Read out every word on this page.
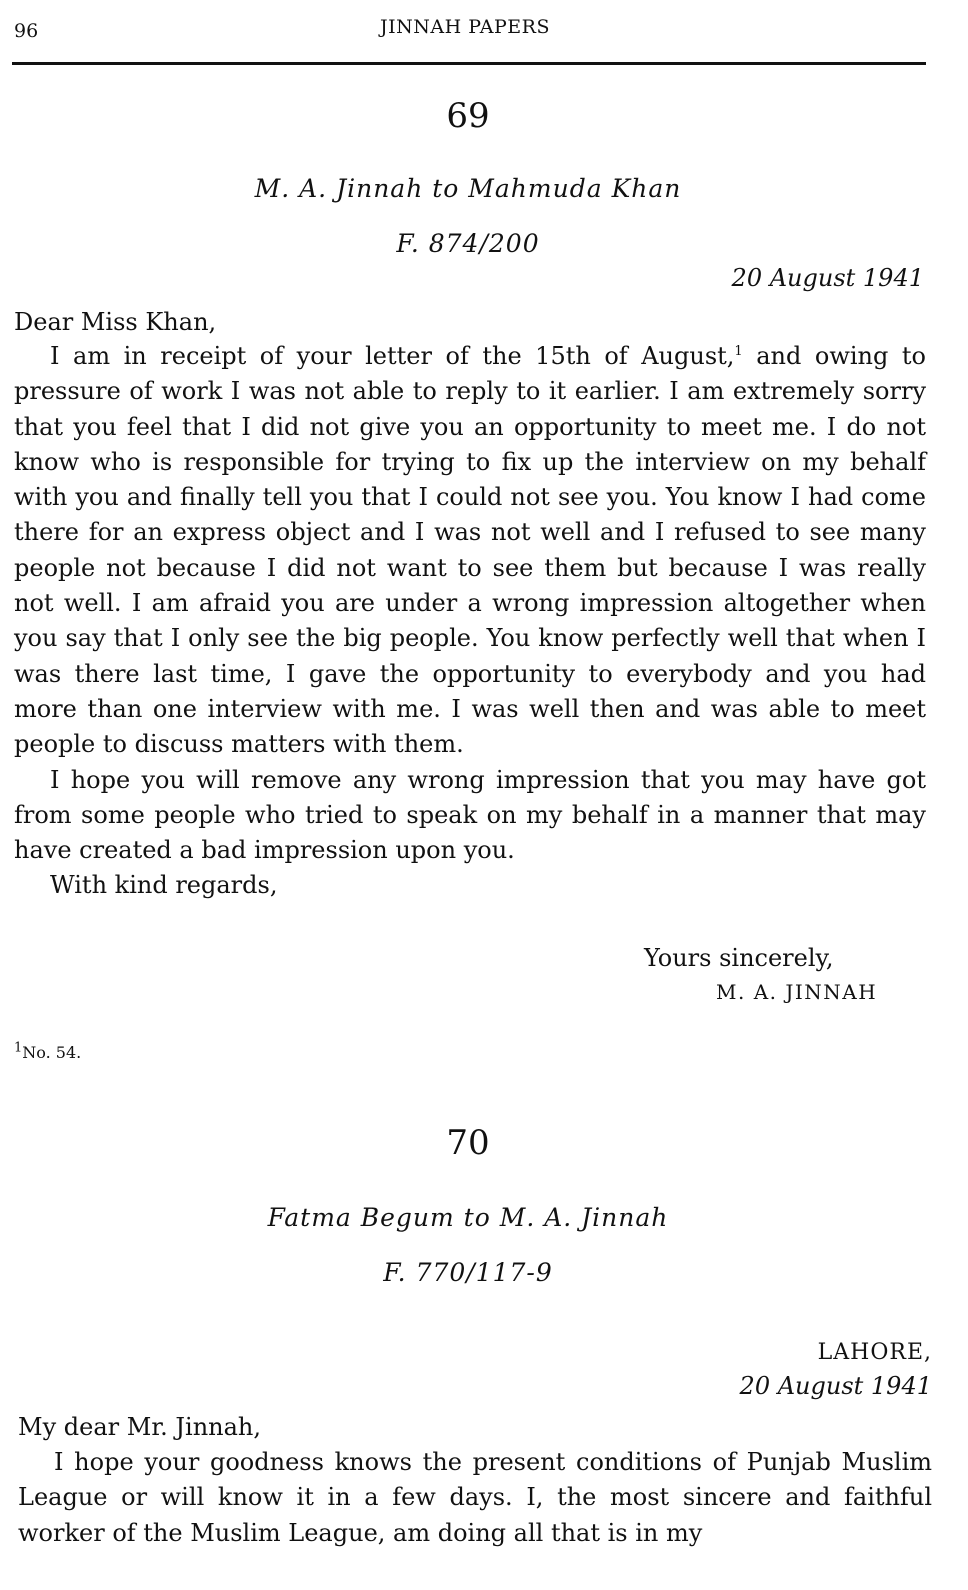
96	JINNAH PAPERS
69
M. A. Jinnah to Mahmuda Khan
F. 874/200
20 August 1941
Dear Miss Khan,

I am in receipt of your letter of the 15th of August,$^1$ and owing to pressure of work I was not able to reply to it earlier. I am extremely sorry that you feel that I did not give you an opportunity to meet me. I do not know who is responsible for trying to fix up the interview on my behalf with you and finally tell you that I could not see you. You know I had come there for an express object and I was not well and I refused to see many people not because I did not want to see them but because I was really not well. I am afraid you are under a wrong impression altogether when you say that I only see the big people. You know perfectly well that when I was there last time, I gave the opportunity to everybody and you had more than one interview with me. I was well then and was able to meet people to discuss matters with them.

I hope you will remove any wrong impression that you may have got from some people who tried to speak on my behalf in a manner that may have created a bad impression upon you.

With kind regards,

Yours sincerely,
M. A. JINNAH
$^1$No. 54.
70
Fatma Begum to M. A. Jinnah
F. 770/117-9
LAHORE,
20 August 1941
My dear Mr. Jinnah,

I hope your goodness knows the present conditions of Punjab Muslim League or will know it in a few days. I, the most sincere and faithful worker of the Muslim League, am doing all that is in my
